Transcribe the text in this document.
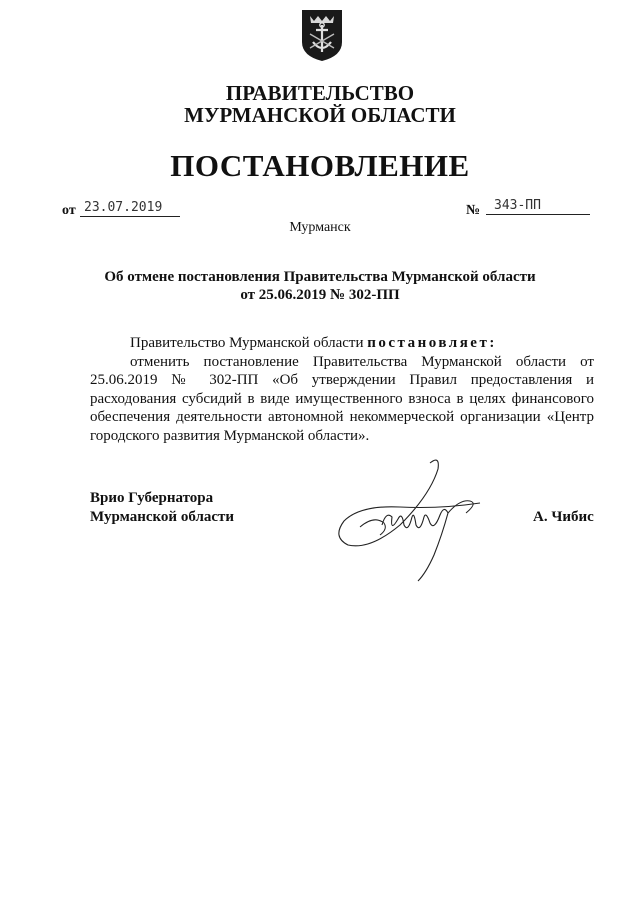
ПРАВИТЕЛЬСТВО
МУРМАНСКОЙ ОБЛАСТИ
ПОСТАНОВЛЕНИЕ
от 23.07.2019	№	343-ПП
Мурманск
Об отмене постановления Правительства Мурманской области
от 25.06.2019 № 302-ПП

Правительство Мурманской области постановляет:

отменить постановление Правительства Мурманской области от 25.06.2019 № 302-ПП «Об утверждении Правил предоставления и расходования субсидий в виде имущественного взноса в целях финансового обеспечения деятельности автономной некоммерческой организации «Центр городского развития Мурманской области».

Врио Губернатора
Мурманской области	А. Чибис
